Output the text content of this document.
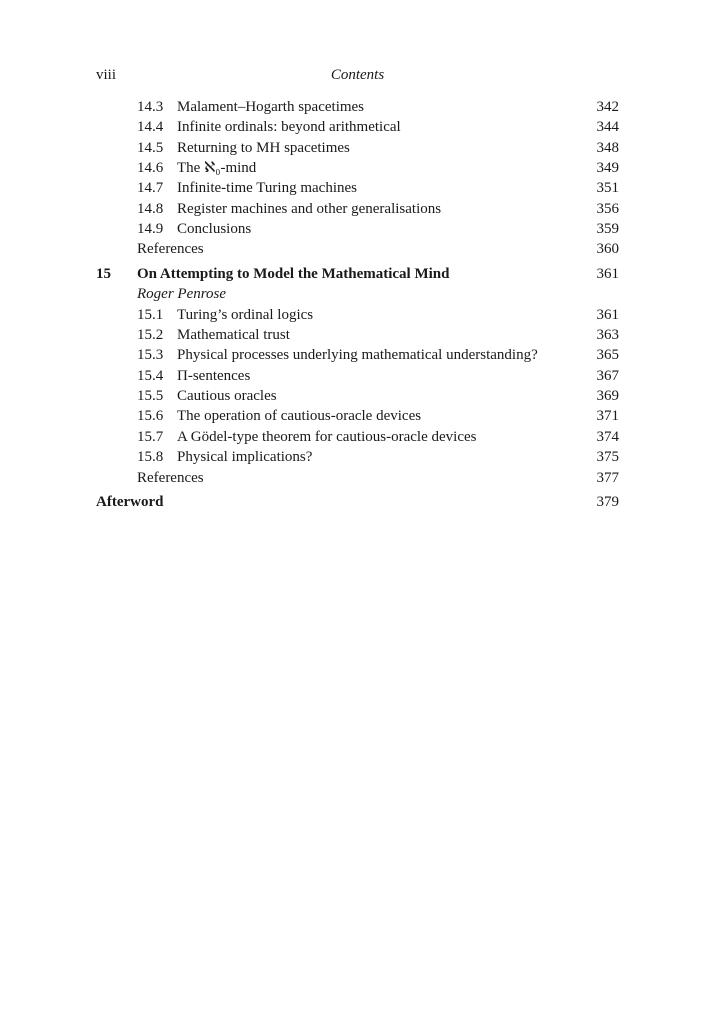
viii	Contents
14.3 Malament–Hogarth spacetimes	342
14.4 Infinite ordinals: beyond arithmetical	344
14.5 Returning to MH spacetimes	348
14.6 The ℵ₀-mind	349
14.7 Infinite-time Turing machines	351
14.8 Register machines and other generalisations	356
14.9 Conclusions	359
References	360
15 On Attempting to Model the Mathematical Mind	361
Roger Penrose
15.1 Turing’s ordinal logics	361
15.2 Mathematical trust	363
15.3 Physical processes underlying mathematical understanding?	365
15.4 Π-sentences	367
15.5 Cautious oracles	369
15.6 The operation of cautious-oracle devices	371
15.7 A Gödel-type theorem for cautious-oracle devices	374
15.8 Physical implications?	375
References	377
Afterword	379
